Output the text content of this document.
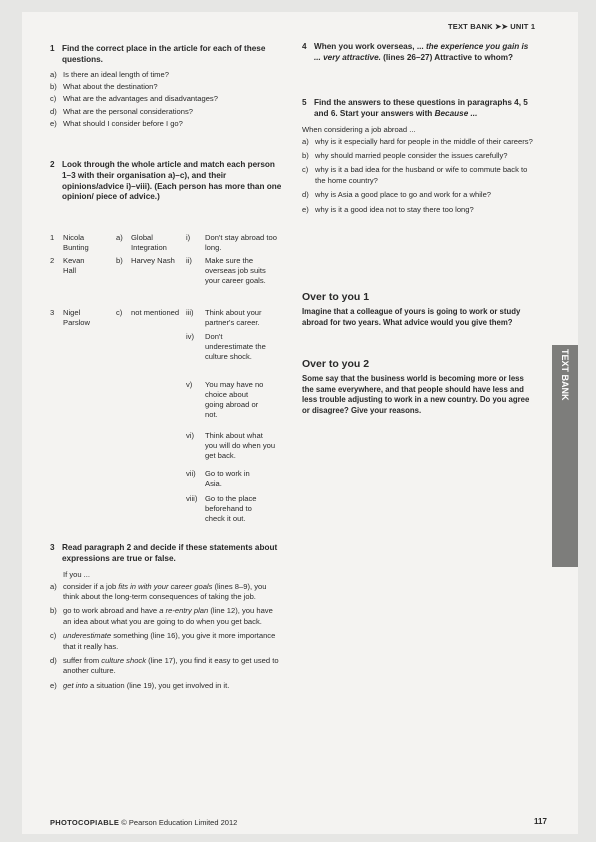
TEXT BANK ➤➤ UNIT 1
1 Find the correct place in the article for each of these questions.
a) Is there an ideal length of time?
b) What about the destination?
c) What are the advantages and disadvantages?
d) What are the personal considerations?
e) What should I consider before I go?
2 Look through the whole article and match each person 1–3 with their organisation a)–c), and their opinions/advice i)–viii). (Each person has more than one opinion/ piece of advice.)
1 Nicola Bunting
2 Kevan Hall
3 Nigel Parslow
a) Global Integration
b) Harvey Nash
c) not mentioned
i) Don't stay abroad too long.
ii) Make sure the overseas job suits your career goals.
iii) Think about your partner's career.
iv) Don't underestimate the culture shock.
v) You may have no choice about going abroad or not.
vi) Think about what you will do when you get back.
vii) Go to work in Asia.
viii) Go to the place beforehand to check it out.
3 Read paragraph 2 and decide if these statements about expressions are true or false.
If you ...
a) consider if a job fits in with your career goals (lines 8–9), you think about the long-term consequences of taking the job.
b) go to work abroad and have a re-entry plan (line 12), you have an idea about what you are going to do when you get back.
c) underestimate something (line 16), you give it more importance that it really has.
d) suffer from culture shock (line 17), you find it easy to get used to another culture.
e) get into a situation (line 19), you get involved in it.
4 When you work overseas, ... the experience you gain is ... very attractive. (lines 26–27) Attractive to whom?
5 Find the answers to these questions in paragraphs 4, 5 and 6. Start your answers with Because ...
When considering a job abroad ...
a) why is it especially hard for people in the middle of their careers?
b) why should married people consider the issues carefully?
c) why is it a bad idea for the husband or wife to commute back to the home country?
d) why is Asia a good place to go and work for a while?
e) why is it a good idea not to stay there too long?
Over to you 1
Imagine that a colleague of yours is going to work or study abroad for two years. What advice would you give them?
Over to you 2
Some say that the business world is becoming more or less the same everywhere, and that people should have less and less trouble adjusting to work in a new country. Do you agree or disagree? Give your reasons.
TEXT BANK
PHOTOCOPIABLE © Pearson Education Limited 2012	117
